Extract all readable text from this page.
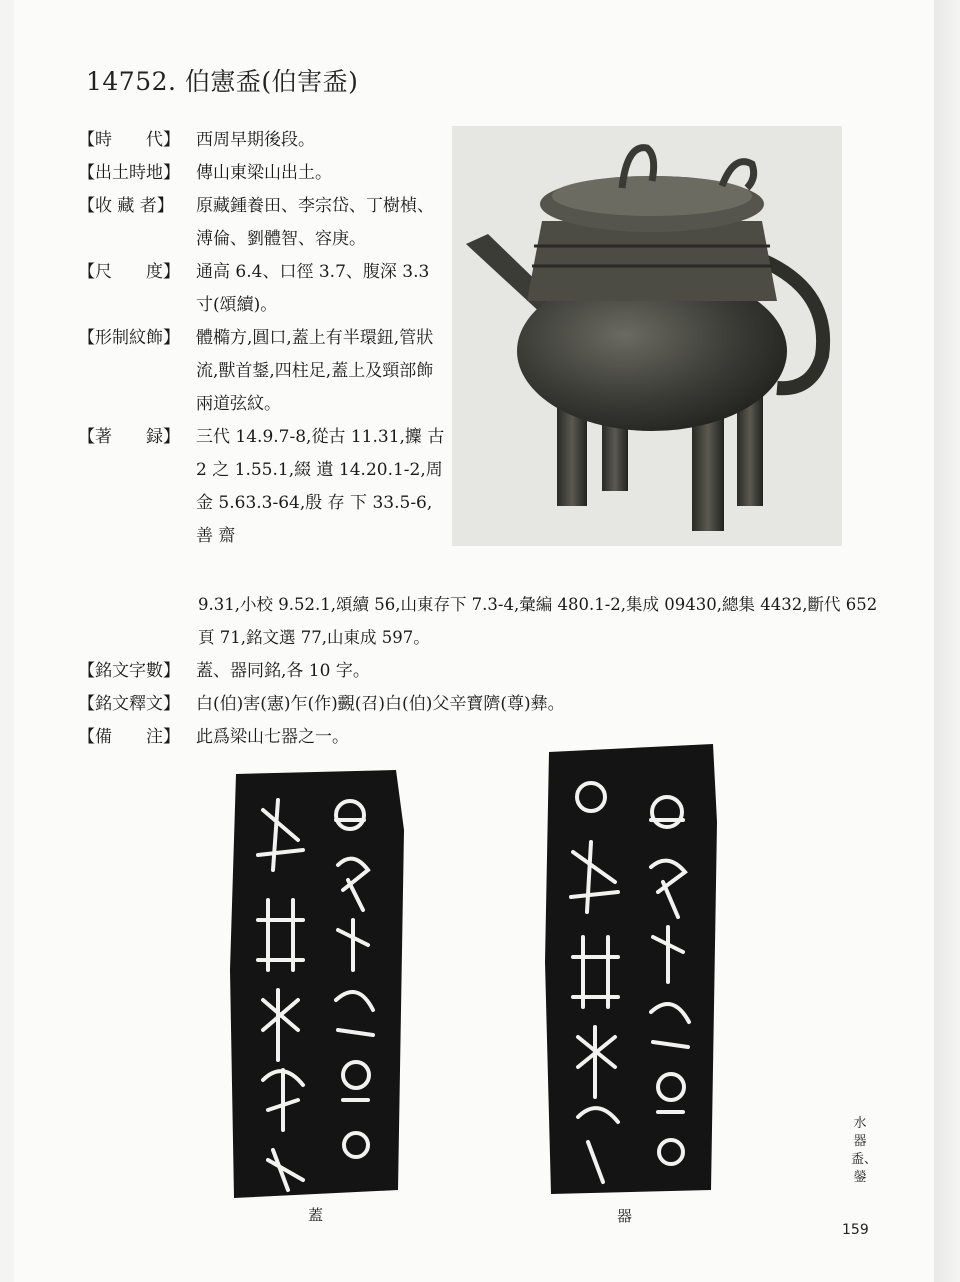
14752. 伯憲盉(伯害盉)
【時　　代】 西周早期後段。
【出土時地】 傳山東梁山出土。
【收 藏 者】	原藏鍾養田、李宗岱、丁樹楨、溥倫、劉體智、容庚。
【尺　　度】 通高 6.4、口徑 3.7、腹深 3.3 寸(頌續)。
【形制紋飾】 體橢方,圓口,蓋上有半環鈕,管狀流,獸首鋬,四柱足,蓋上及頸部飾兩道弦紋。
【著　　録】 三代 14.9.7-8,從古 11.31,攈 古 2 之 1.55.1,綴 遺 14.20.1-2,周 金 5.63.3-64,殷 存 下 33.5-6,善 齋
9.31,小校 9.52.1,頌續 56,山東存下 7.3-4,彙編 480.1-2,集成 09430,總集 4432,斷代 652 頁 71,銘文選 77,山東成 597。
【銘文字數】 蓋、器同銘,各 10 字。
【銘文釋文】 白(伯)害(憲)乍(作)䚖(召)白(伯)父辛寶隮(尊)彝。
【備　　注】 此爲梁山七器之一。
蓋	器
水器 盉、鎣
159
